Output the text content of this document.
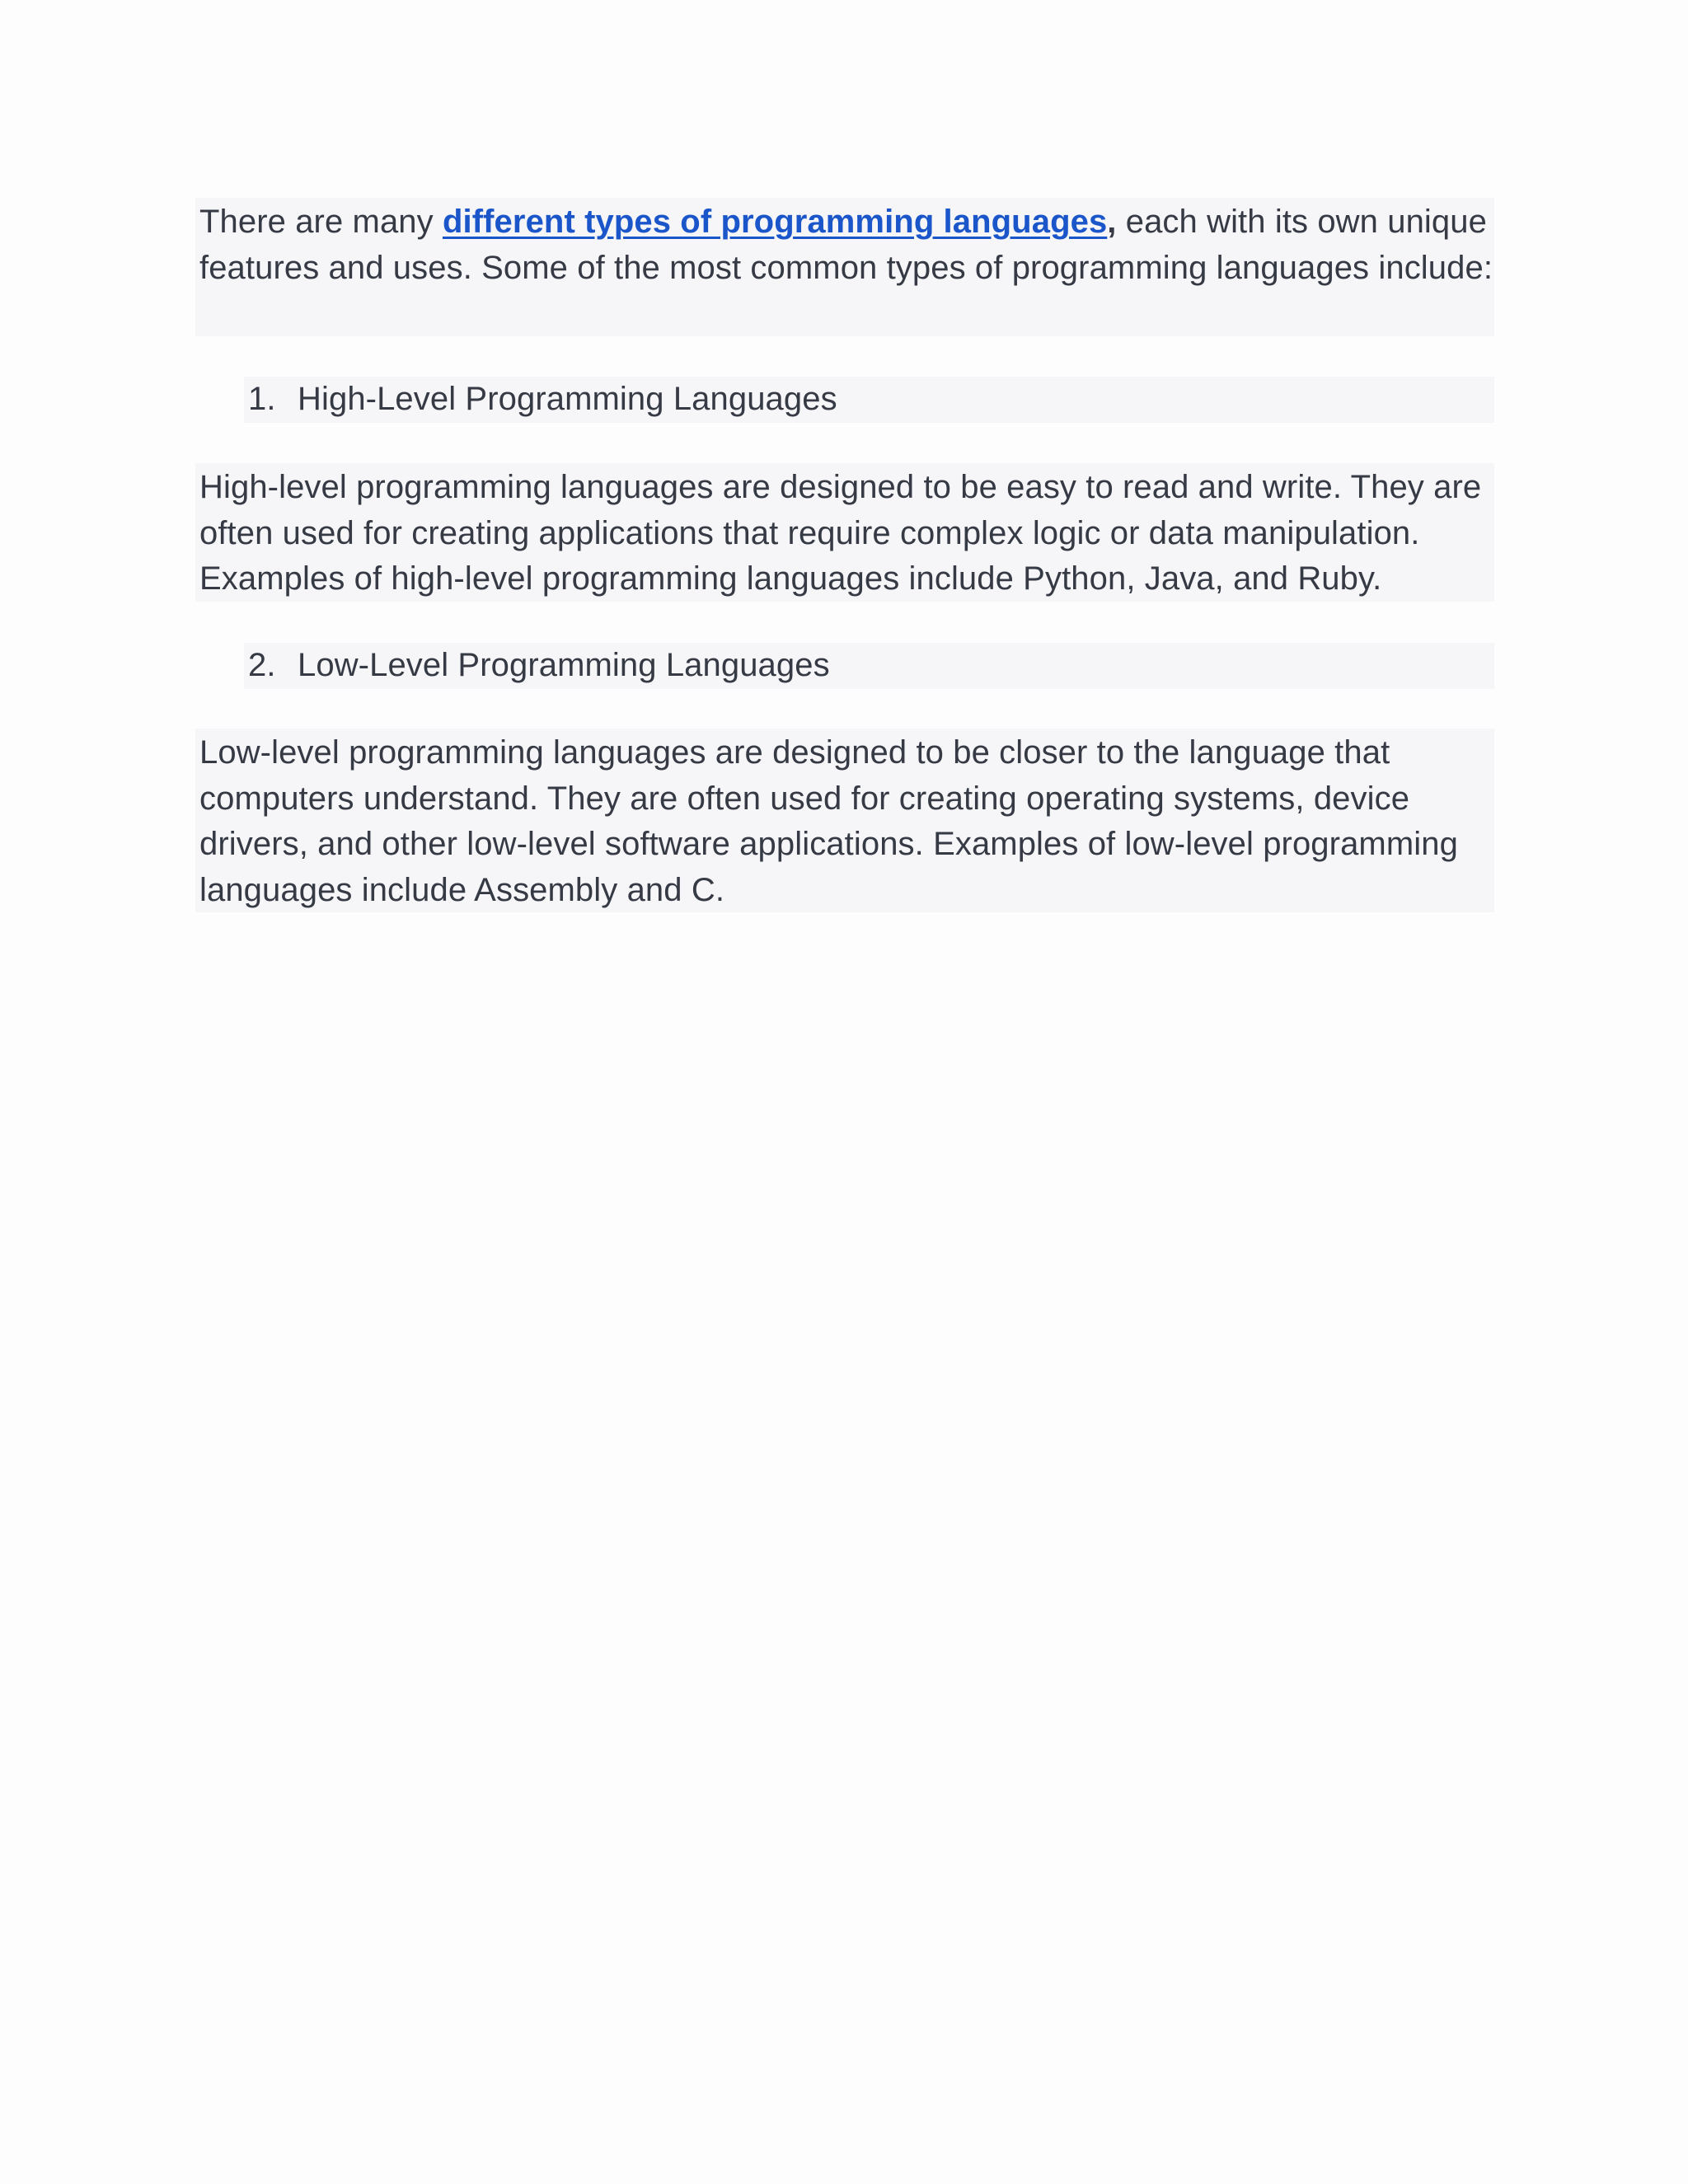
There are many different types of programming languages, each with its own unique features and uses. Some of the most common types of programming languages include:
1. High-Level Programming Languages
High-level programming languages are designed to be easy to read and write. They are often used for creating applications that require complex logic or data manipulation. Examples of high-level programming languages include Python, Java, and Ruby.
2. Low-Level Programming Languages
Low-level programming languages are designed to be closer to the language that computers understand. They are often used for creating operating systems, device drivers, and other low-level software applications. Examples of low-level programming languages include Assembly and C.
